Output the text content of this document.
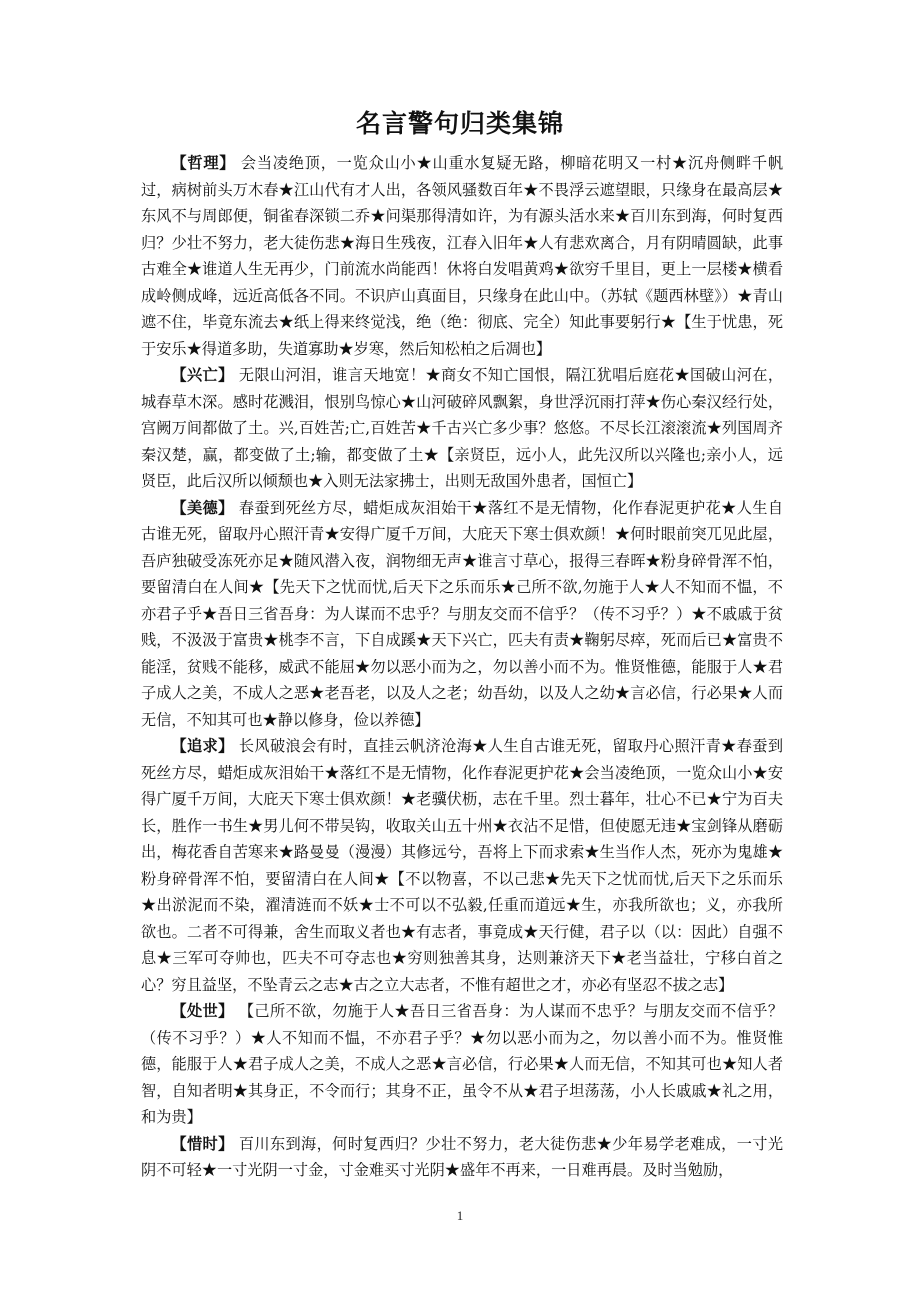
名言警句归类集锦

【哲理】 会当凌绝顶，一览众山小★山重水复疑无路，柳暗花明又一村★沉舟侧畔千帆过，病树前头万木春★江山代有才人出，各领风骚数百年★不畏浮云遮望眼，只缘身在最高层★东风不与周郎便，铜雀春深锁二乔★问渠那得清如许，为有源头活水来★百川东到海，何时复西归？少壮不努力，老大徒伤悲★海日生残夜，江春入旧年★人有悲欢离合，月有阴晴圆缺，此事古难全★谁道人生无再少，门前流水尚能西！休将白发唱黄鸡★欲穷千里目，更上一层楼★横看成岭侧成峰，远近高低各不同。不识庐山真面目，只缘身在此山中。（苏轼《题西林壁》）★青山遮不住，毕竟东流去★纸上得来终觉浅，绝（绝：彻底、完全）知此事要躬行★【生于忧患，死于安乐★得道多助，失道寡助★岁寒，然后知松柏之后凋也】

【兴亡】 无限山河泪，谁言天地宽！★商女不知亡国恨，隔江犹唱后庭花★国破山河在，城春草木深。感时花溅泪，恨别鸟惊心★山河破碎风飘絮，身世浮沉雨打萍★伤心秦汉经行处，宫阙万间都做了土。兴,百姓苦;亡,百姓苦★千古兴亡多少事？悠悠。不尽长江滚滚流★列国周齐秦汉楚，赢，都变做了土;输，都变做了土★【亲贤臣，远小人，此先汉所以兴隆也;亲小人，远贤臣，此后汉所以倾颓也★入则无法家拂士，出则无敌国外患者，国恒亡】

【美德】 春蚕到死丝方尽，蜡炬成灰泪始干★落红不是无情物，化作春泥更护花★人生自古谁无死，留取丹心照汗青★安得广厦千万间，大庇天下寒士俱欢颜！★何时眼前突兀见此屋，吾庐独破受冻死亦足★随风潜入夜，润物细无声★谁言寸草心，报得三春晖★粉身碎骨浑不怕，要留清白在人间★【先天下之忧而忧,后天下之乐而乐★己所不欲,勿施于人★人不知而不愠，不亦君子乎★吾日三省吾身：为人谋而不忠乎？与朋友交而不信乎？（传不习乎？）★不戚戚于贫贱，不汲汲于富贵★桃李不言，下自成蹊★天下兴亡，匹夫有责★鞠躬尽瘁，死而后已★富贵不能淫，贫贱不能移，威武不能屈★勿以恶小而为之，勿以善小而不为。惟贤惟德，能服于人★君子成人之美，不成人之恶★老吾老，以及人之老；幼吾幼，以及人之幼★言必信，行必果★人而无信，不知其可也★静以修身，俭以养德】

【追求】 长风破浪会有时，直挂云帆济沧海★人生自古谁无死，留取丹心照汗青★春蚕到死丝方尽，蜡炬成灰泪始干★落红不是无情物，化作春泥更护花★会当凌绝顶，一览众山小★安得广厦千万间，大庇天下寒士俱欢颜！★老骥伏枥，志在千里。烈士暮年，壮心不已★宁为百夫长，胜作一书生★男儿何不带吴钩，收取关山五十州★衣沾不足惜，但使愿无违★宝剑锋从磨砺出，梅花香自苦寒来★路曼曼（漫漫）其修远兮，吾将上下而求索★生当作人杰，死亦为鬼雄★粉身碎骨浑不怕，要留清白在人间★【不以物喜，不以己悲★先天下之忧而忧,后天下之乐而乐★出淤泥而不染，濯清涟而不妖★士不可以不弘毅,任重而道远★生，亦我所欲也；义，亦我所欲也。二者不可得兼，舍生而取义者也★有志者，事竟成★天行健，君子以（以：因此）自强不息★三军可夺帅也，匹夫不可夺志也★穷则独善其身，达则兼济天下★老当益壮，宁移白首之心？穷且益坚，不坠青云之志★古之立大志者，不惟有超世之才，亦必有坚忍不拔之志】

【处世】 【己所不欲，勿施于人★吾日三省吾身：为人谋而不忠乎？与朋友交而不信乎？（传不习乎？）★人不知而不愠，不亦君子乎？★勿以恶小而为之，勿以善小而不为。惟贤惟德，能服于人★君子成人之美，不成人之恶★言必信，行必果★人而无信，不知其可也★知人者智，自知者明★其身正，不令而行；其身不正，虽令不从★君子坦荡荡，小人长戚戚★礼之用，和为贵】

【惜时】 百川东到海，何时复西归？少壮不努力，老大徒伤悲★少年易学老难成，一寸光阴不可轻★一寸光阴一寸金，寸金难买寸光阴★盛年不再来，一日难再晨。及时当勉励，

1
